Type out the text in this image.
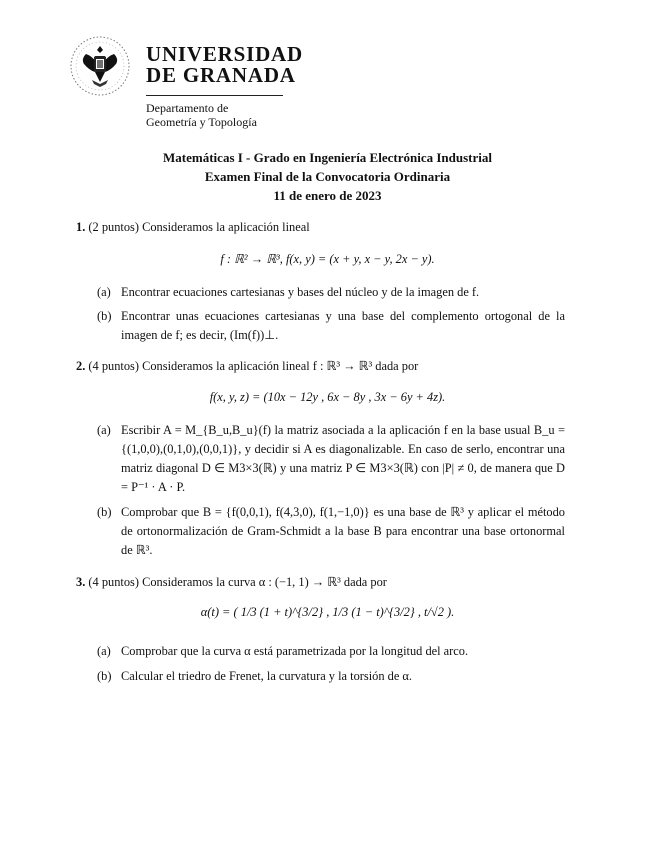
UNIVERSIDAD
DE GRANADA
Departamento de
Geometría y Topología
Matemáticas I - Grado en Ingeniería Electrónica Industrial
Examen Final de la Convocatoria Ordinaria
11 de enero de 2023
1. (2 puntos) Consideramos la aplicación lineal
f : ℝ² → ℝ³, f(x, y) = (x + y, x − y, 2x − y).
(a) Encontrar ecuaciones cartesianas y bases del núcleo y de la imagen de f.
(b) Encontrar unas ecuaciones cartesianas y una base del complemento ortogonal de la imagen de f; es decir, (Im(f))⊥.
2. (4 puntos) Consideramos la aplicación lineal f : ℝ³ → ℝ³ dada por
f(x, y, z) = (10x − 12y , 6x − 8y , 3x − 6y + 4z).
(a) Escribir A = M_{B_u,B_u}(f) la matriz asociada a la aplicación f en la base usual B_u = {(1,0,0),(0,1,0),(0,0,1)}, y decidir si A es diagonalizable. En caso de serlo, encontrar una matriz diagonal D ∈ M3×3(ℝ) y una matriz P ∈ M3×3(ℝ) con |P| ≠ 0, de manera que D = P⁻¹ · A · P.
(b) Comprobar que B = {f(0,0,1), f(4,3,0), f(1,−1,0)} es una base de ℝ³ y aplicar el método de ortonormalización de Gram-Schmidt a la base B para encontrar una base ortonormal de ℝ³.
3. (4 puntos) Consideramos la curva α : (−1, 1) → ℝ³ dada por
α(t) = ( 1/3 (1 + t)^{3/2} , 1/3 (1 − t)^{3/2} , t/√2 ).
(a) Comprobar que la curva α está parametrizada por la longitud del arco.
(b) Calcular el triedro de Frenet, la curvatura y la torsión de α.
